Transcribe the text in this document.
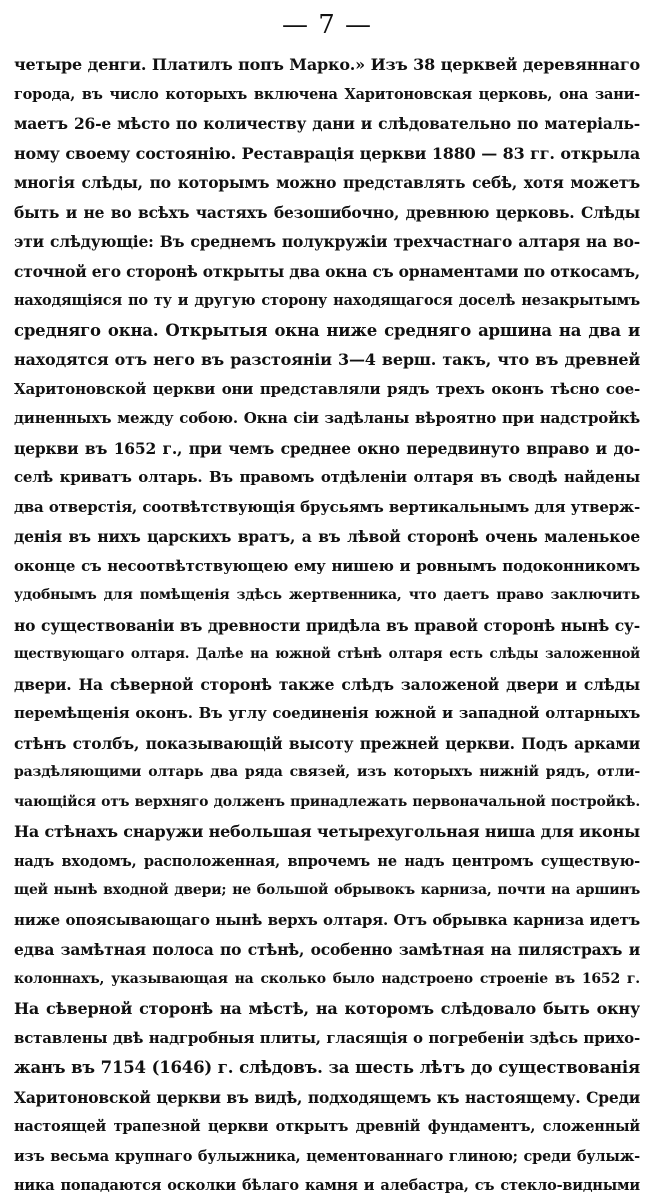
— 7 —
четыре денги. Платилъ попъ Марко.» Изъ 38 церквей деревяннаго
города, въ число которыхъ включена Харитоновская церковь, она зани-
маетъ 26-е мѣсто по количеству дани и слѣдовательно по матеріаль-
ному своему состоянію. Реставрація церкви 1880 — 83 гг. открыла
многія слѣды, по которымъ можно представлять себѣ, хотя можетъ
быть и не во всѣхъ частяхъ безошибочно, древнюю церковь. Слѣды
эти слѣдующіе: Въ среднемъ полукружіи трехчастнаго алтаря на во-
сточной его сторонѣ открыты два окна съ орнаментами по откосамъ,
находящіяся по ту и другую сторону находящагося доселѣ незакрытымъ
средняго окна. Открытыя окна ниже средняго аршина на два и
находятся отъ него въ разстояніи 3—4 верш. такъ, что въ древней
Харитоновской церкви они представляли рядъ трехъ оконъ тѣсно сое-
диненныхъ между собою. Окна сіи задѣланы вѣроятно при надстройкѣ
церкви въ 1652 г., при чемъ среднее окно передвинуто вправо и до-
селѣ криватъ олтарь. Въ правомъ отдѣленіи олтаря въ сводѣ найдены
два отверстія, соотвѣтствующія брусьямъ вертикальнымъ для утверж-
денія въ нихъ царскихъ вратъ, а въ лѣвой сторонѣ очень маленькое
оконце съ несоотвѣтствующею ему нишею и ровнымъ подоконникомъ
удобнымъ для помѣщенія здѣсь жертвенника, что даетъ право заключить
но существованіи въ древности придѣла въ правой сторонѣ нынѣ су-
ществующаго олтаря. Далѣе на южной стѣнѣ олтаря есть слѣды заложенной
двери. На сѣверной сторонѣ также слѣдъ заложеной двери и слѣды
перемѣщенія оконъ. Въ углу соединенія южной и западной олтарныхъ
стѣнъ столбъ, показывающій высоту прежней церкви. Подъ арками
раздѣляющими олтарь два ряда связей, изъ которыхъ нижній рядъ, отли-
чающійся отъ верхняго долженъ принадлежать первоначальной постройкѣ.
На стѣнахъ снаружи небольшая четырехугольная ниша для иконы
надъ входомъ, расположенная, впрочемъ не надъ центромъ существую-
щей нынѣ входной двери; не большой обрывокъ карниза, почти на аршинъ
ниже опоясывающаго нынѣ верхъ олтаря. Отъ обрывка карниза идетъ
едва замѣтная полоса по стѣнѣ, особенно замѣтная на пилястрахъ и
колоннахъ, указывающая на сколько было надстроено строеніе въ 1652 г.
На сѣверной сторонѣ на мѣстѣ, на которомъ слѣдовало быть окну
вставлены двѣ надгробныя плиты, гласящія о погребеніи здѣсь прихо-
жанъ въ 7154 (1646) г. слѣдовъ. за шесть лѣтъ до существованія
Харитоновской церкви въ видѣ, подходящемъ къ настоящему. Среди
настоящей трапезной церкви открытъ древній фундаментъ, сложенный
изъ весьма крупнаго булыжника, цементованнаго глиною; среди булыж-
ника попадаются осколки бѣлаго камня и алебастра, съ стекло-видными
